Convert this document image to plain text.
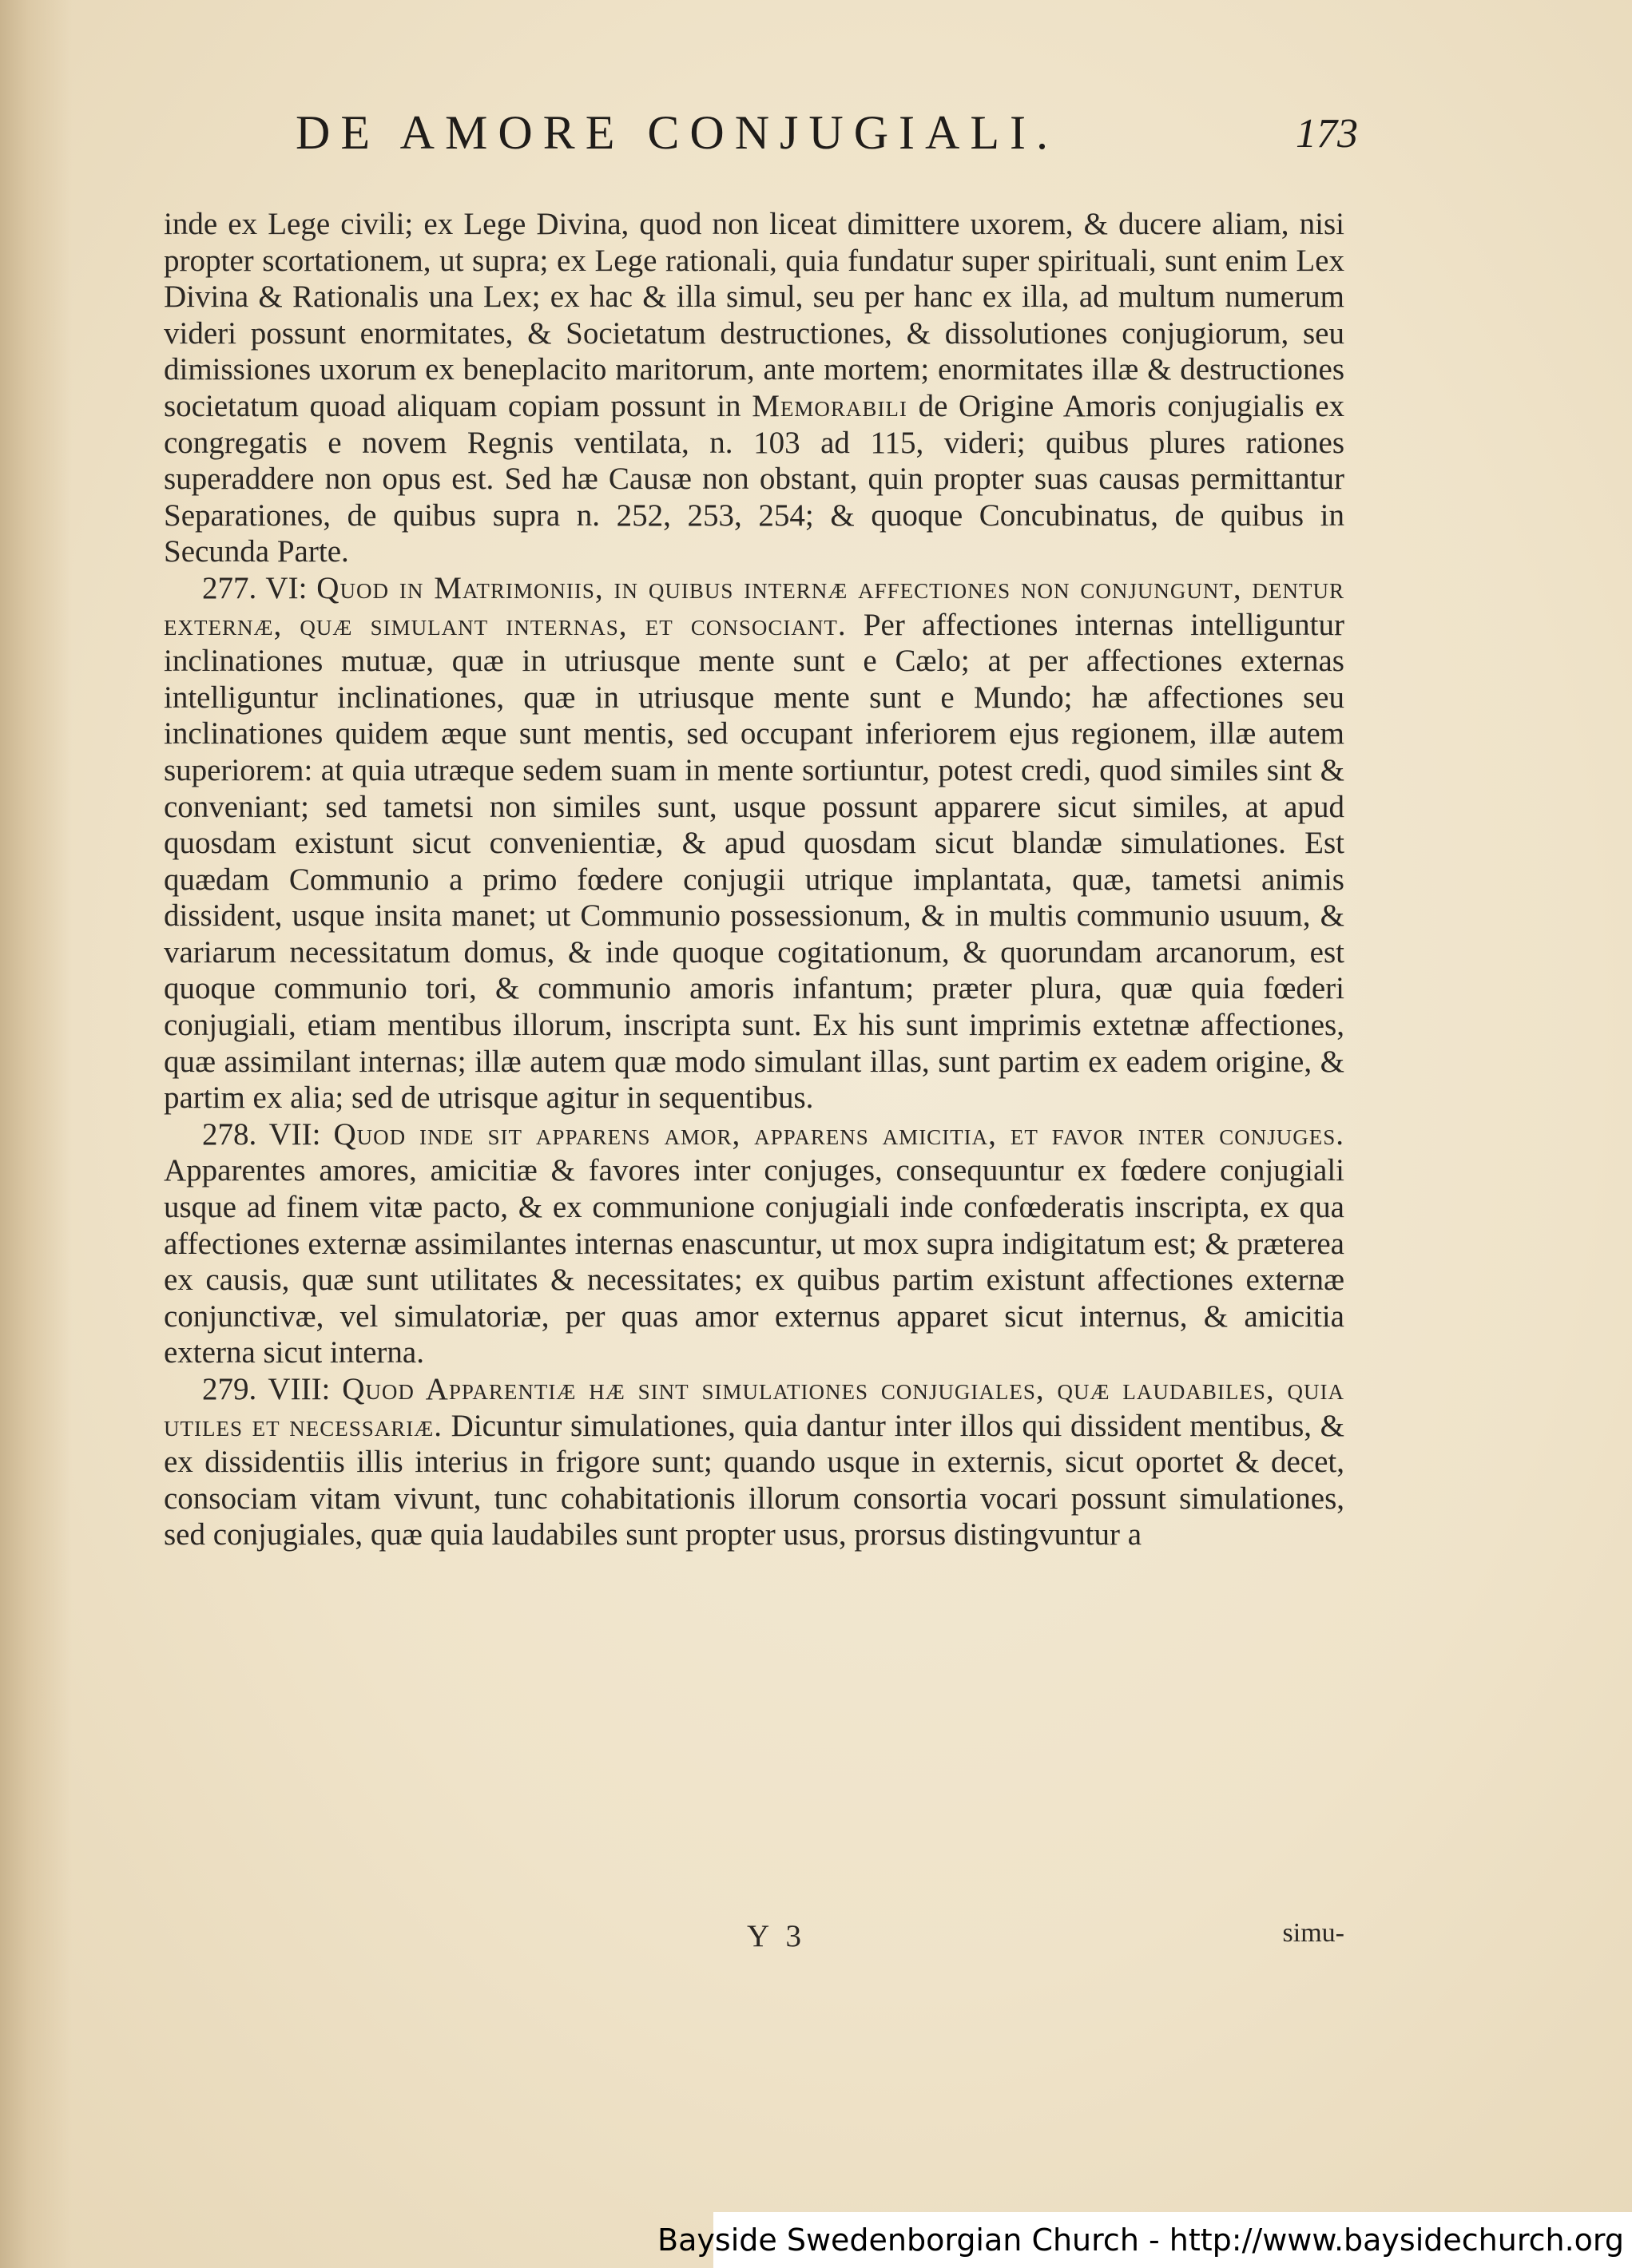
DE AMORE CONJUGIALI.	173

inde ex Lege civili; ex Lege Divina, quod non liceat dimittere uxorem, & ducere aliam, nisi propter scortationem, ut supra; ex Lege rationali, quia fundatur super spirituali, sunt enim Lex Divina & Rationalis una Lex; ex hac & illa simul, seu per hanc ex illa, ad multum numerum videri possunt enormitates, & Societatum destructiones, & dissolutiones conjugiorum, seu dimissiones uxorum ex beneplacito maritorum, ante mortem; enormitates illæ & destructiones societatum quoad aliquam copiam possunt in Memorabili de Origine Amoris conjugialis ex congregatis e novem Regnis ventilata, n. 103 ad 115, videri; quibus plures rationes superaddere non opus est. Sed hæ Causæ non obstant, quin propter suas causas permittantur Separationes, de quibus supra n. 252, 253, 254; & quoque Concubinatus, de quibus in Secunda Parte.

277. VI: Quod in Matrimoniis, in quibus internæ affectiones non conjungunt, dentur externæ, quæ simulant internas, et consociant. Per affectiones internas intelliguntur inclinationes mutuæ, quæ in utriusque mente sunt e Cælo; at per affectiones externas intelliguntur inclinationes, quæ in utriusque mente sunt e Mundo; hæ affectiones seu inclinationes quidem æque sunt mentis, sed occupant inferiorem ejus regionem, illæ autem superiorem: at quia utræque sedem suam in mente sortiuntur, potest credi, quod similes sint & conveniant; sed tametsi non similes sunt, usque possunt apparere sicut similes, at apud quosdam existunt sicut convenientiæ, & apud quosdam sicut blandæ simulationes. Est quædam Communio a primo fœdere conjugii utrique implantata, quæ, tametsi animis dissident, usque insita manet; ut Communio possessionum, & in multis communio usuum, & variarum necessitatum domus, & inde quoque cogitationum, & quorundam arcanorum, est quoque communio tori, & communio amoris infantum; præter plura, quæ quia fœderi conjugiali, etiam mentibus illorum, inscripta sunt. Ex his sunt imprimis extetnæ affectiones, quæ assimilant internas; illæ autem quæ modo simulant illas, sunt partim ex eadem origine, & partim ex alia; sed de utrisque agitur in sequentibus.

278. VII: Quod inde sit apparens amor, apparens amicitia, et favor inter conjuges. Apparentes amores, amicitiæ & favores inter conjuges, consequuntur ex fœdere conjugiali usque ad finem vitæ pacto, & ex communione conjugiali inde confœderatis inscripta, ex qua affectiones externæ assimilantes internas enascuntur, ut mox supra indigitatum est; & præterea ex causis, quæ sunt utilitates & necessitates; ex quibus partim existunt affectiones externæ conjunctivæ, vel simulatoriæ, per quas amor externus apparet sicut internus, & amicitia externa sicut interna.

279. VIII: Quod Apparentiæ hæ sint simulationes conjugiales, quæ laudabiles, quia utiles et necessariæ. Dicuntur simulationes, quia dantur inter illos qui dissident mentibus, & ex dissidentiis illis interius in frigore sunt; quando usque in externis, sicut oportet & decet, consociam vitam vivunt, tunc cohabitationis illorum consortia vocari possunt simulationes, sed conjugiales, quæ quia laudabiles sunt propter usus, prorsus distingvuntur a

Y 3	simu-
Bayside Swedenborgian Church - http://www.baysidechurch.org
